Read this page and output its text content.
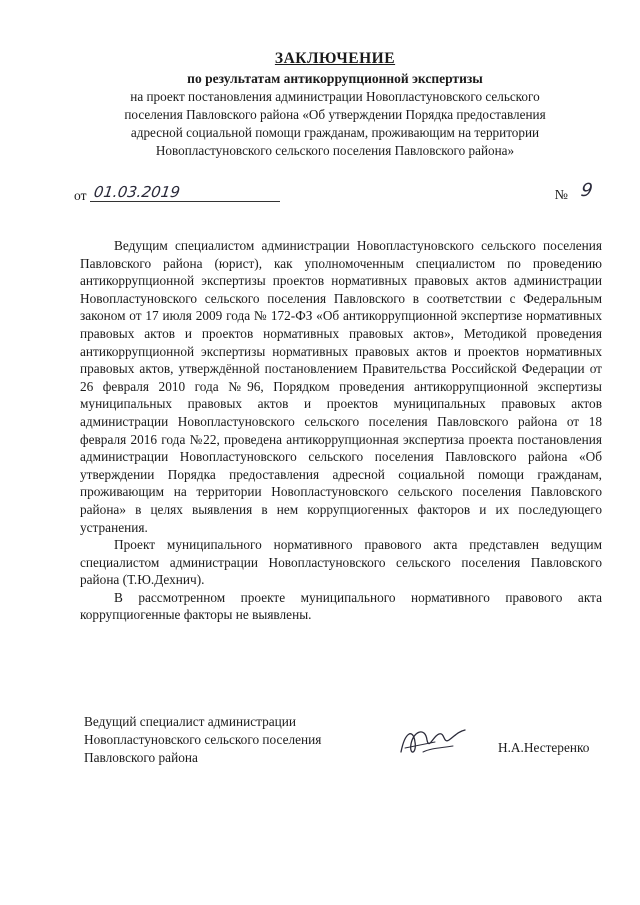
ЗАКЛЮЧЕНИЕ
по результатам антикоррупционной экспертизы
на проект постановления администрации Новопластуновского сельского
поселения Павловского района «Об утверждении Порядка предоставления
адресной социальной помощи гражданам, проживающим на территории
Новопластуновского сельского поселения Павловского района»
от 01.03.2019	№ 9

Ведущим специалистом администрации Новопластуновского сельского поселения Павловского района (юрист), как уполномоченным специалистом по проведению антикоррупционной экспертизы проектов нормативных правовых актов администрации Новопластуновского сельского поселения Павловского в соответствии с Федеральным законом от 17 июля 2009 года № 172-ФЗ «Об антикоррупционной экспертизе нормативных правовых актов и проектов нормативных правовых актов», Методикой проведения антикоррупционной экспертизы нормативных правовых актов и проектов нормативных правовых актов, утверждённой постановлением Правительства Российской Федерации от 26 февраля 2010 года №96, Порядком проведения антикоррупционной экспертизы муниципальных правовых актов и проектов муниципальных правовых актов администрации Новопластуновского сельского поселения Павловского района от 18 февраля 2016 года №22, проведена антикоррупционная экспертиза проекта постановления администрации Новопластуновского сельского поселения Павловского района «Об утверждении Порядка предоставления адресной социальной помощи гражданам, проживающим на территории Новопластуновского сельского поселения Павловского района» в целях выявления в нем коррупциогенных факторов и их последующего устранения.

Проект муниципального нормативного правового акта представлен ведущим специалистом администрации Новопластуновского сельского поселения Павловского района (Т.Ю.Дехнич).

В рассмотренном проекте муниципального нормативного правового акта коррупциогенные факторы не выявлены.

Ведущий специалист администрации
Новопластуновского сельского поселения
Павловского района
Н.А.Нестеренко
